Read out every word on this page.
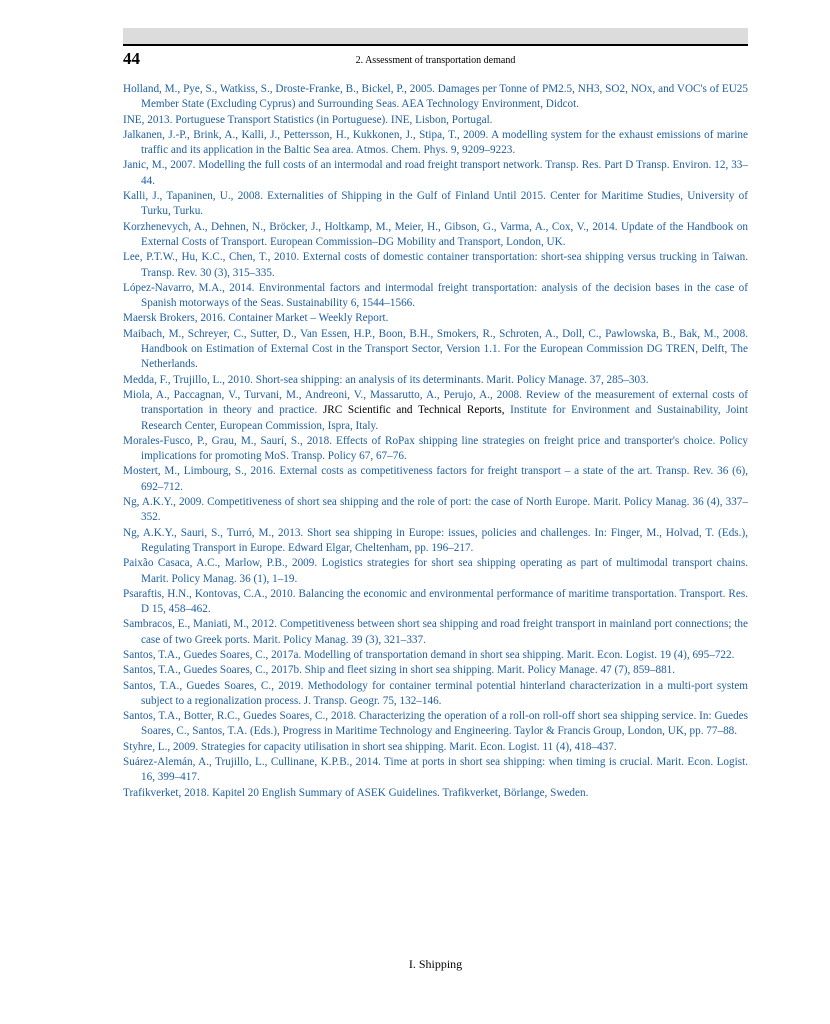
44	2. Assessment of transportation demand
Holland, M., Pye, S., Watkiss, S., Droste-Franke, B., Bickel, P., 2005. Damages per Tonne of PM2.5, NH3, SO2, NOx, and VOC's of EU25 Member State (Excluding Cyprus) and Surrounding Seas. AEA Technology Environment, Didcot.
INE, 2013. Portuguese Transport Statistics (in Portuguese). INE, Lisbon, Portugal.
Jalkanen, J.-P., Brink, A., Kalli, J., Pettersson, H., Kukkonen, J., Stipa, T., 2009. A modelling system for the exhaust emissions of marine traffic and its application in the Baltic Sea area. Atmos. Chem. Phys. 9, 9209–9223.
Janic, M., 2007. Modelling the full costs of an intermodal and road freight transport network. Transp. Res. Part D Transp. Environ. 12, 33–44.
Kalli, J., Tapaninen, U., 2008. Externalities of Shipping in the Gulf of Finland Until 2015. Center for Maritime Studies, University of Turku, Turku.
Korzhenevych, A., Dehnen, N., Bröcker, J., Holtkamp, M., Meier, H., Gibson, G., Varma, A., Cox, V., 2014. Update of the Handbook on External Costs of Transport. European Commission–DG Mobility and Transport, London, UK.
Lee, P.T.W., Hu, K.C., Chen, T., 2010. External costs of domestic container transportation: short-sea shipping versus trucking in Taiwan. Transp. Rev. 30 (3), 315–335.
López-Navarro, M.A., 2014. Environmental factors and intermodal freight transportation: analysis of the decision bases in the case of Spanish motorways of the Seas. Sustainability 6, 1544–1566.
Maersk Brokers, 2016. Container Market – Weekly Report.
Maibach, M., Schreyer, C., Sutter, D., Van Essen, H.P., Boon, B.H., Smokers, R., Schroten, A., Doll, C., Pawlowska, B., Bak, M., 2008. Handbook on Estimation of External Cost in the Transport Sector, Version 1.1. For the European Commission DG TREN, Delft, The Netherlands.
Medda, F., Trujillo, L., 2010. Short-sea shipping: an analysis of its determinants. Marit. Policy Manage. 37, 285–303.
Miola, A., Paccagnan, V., Turvani, M., Andreoni, V., Massarutto, A., Perujo, A., 2008. Review of the measurement of external costs of transportation in theory and practice. JRC Scientific and Technical Reports, Institute for Environment and Sustainability, Joint Research Center, European Commission, Ispra, Italy.
Morales-Fusco, P., Grau, M., Saurí, S., 2018. Effects of RoPax shipping line strategies on freight price and transporter's choice. Policy implications for promoting MoS. Transp. Policy 67, 67–76.
Mostert, M., Limbourg, S., 2016. External costs as competitiveness factors for freight transport – a state of the art. Transp. Rev. 36 (6), 692–712.
Ng, A.K.Y., 2009. Competitiveness of short sea shipping and the role of port: the case of North Europe. Marit. Policy Manag. 36 (4), 337–352.
Ng, A.K.Y., Sauri, S., Turró, M., 2013. Short sea shipping in Europe: issues, policies and challenges. In: Finger, M., Holvad, T. (Eds.), Regulating Transport in Europe. Edward Elgar, Cheltenham, pp. 196–217.
Paixão Casaca, A.C., Marlow, P.B., 2009. Logistics strategies for short sea shipping operating as part of multimodal transport chains. Marit. Policy Manag. 36 (1), 1–19.
Psaraftis, H.N., Kontovas, C.A., 2010. Balancing the economic and environmental performance of maritime transportation. Transport. Res. D 15, 458–462.
Sambracos, E., Maniati, M., 2012. Competitiveness between short sea shipping and road freight transport in mainland port connections; the case of two Greek ports. Marit. Policy Manag. 39 (3), 321–337.
Santos, T.A., Guedes Soares, C., 2017a. Modelling of transportation demand in short sea shipping. Marit. Econ. Logist. 19 (4), 695–722.
Santos, T.A., Guedes Soares, C., 2017b. Ship and fleet sizing in short sea shipping. Marit. Policy Manage. 47 (7), 859–881.
Santos, T.A., Guedes Soares, C., 2019. Methodology for container terminal potential hinterland characterization in a multi-port system subject to a regionalization process. J. Transp. Geogr. 75, 132–146.
Santos, T.A., Botter, R.C., Guedes Soares, C., 2018. Characterizing the operation of a roll-on roll-off short sea shipping service. In: Guedes Soares, C., Santos, T.A. (Eds.), Progress in Maritime Technology and Engineering. Taylor & Francis Group, London, UK, pp. 77–88.
Styhre, L., 2009. Strategies for capacity utilisation in short sea shipping. Marit. Econ. Logist. 11 (4), 418–437.
Suárez-Alemán, A., Trujillo, L., Cullinane, K.P.B., 2014. Time at ports in short sea shipping: when timing is crucial. Marit. Econ. Logist. 16, 399–417.
Trafikverket, 2018. Kapitel 20 English Summary of ASEK Guidelines. Trafikverket, Börlange, Sweden.
I. Shipping
